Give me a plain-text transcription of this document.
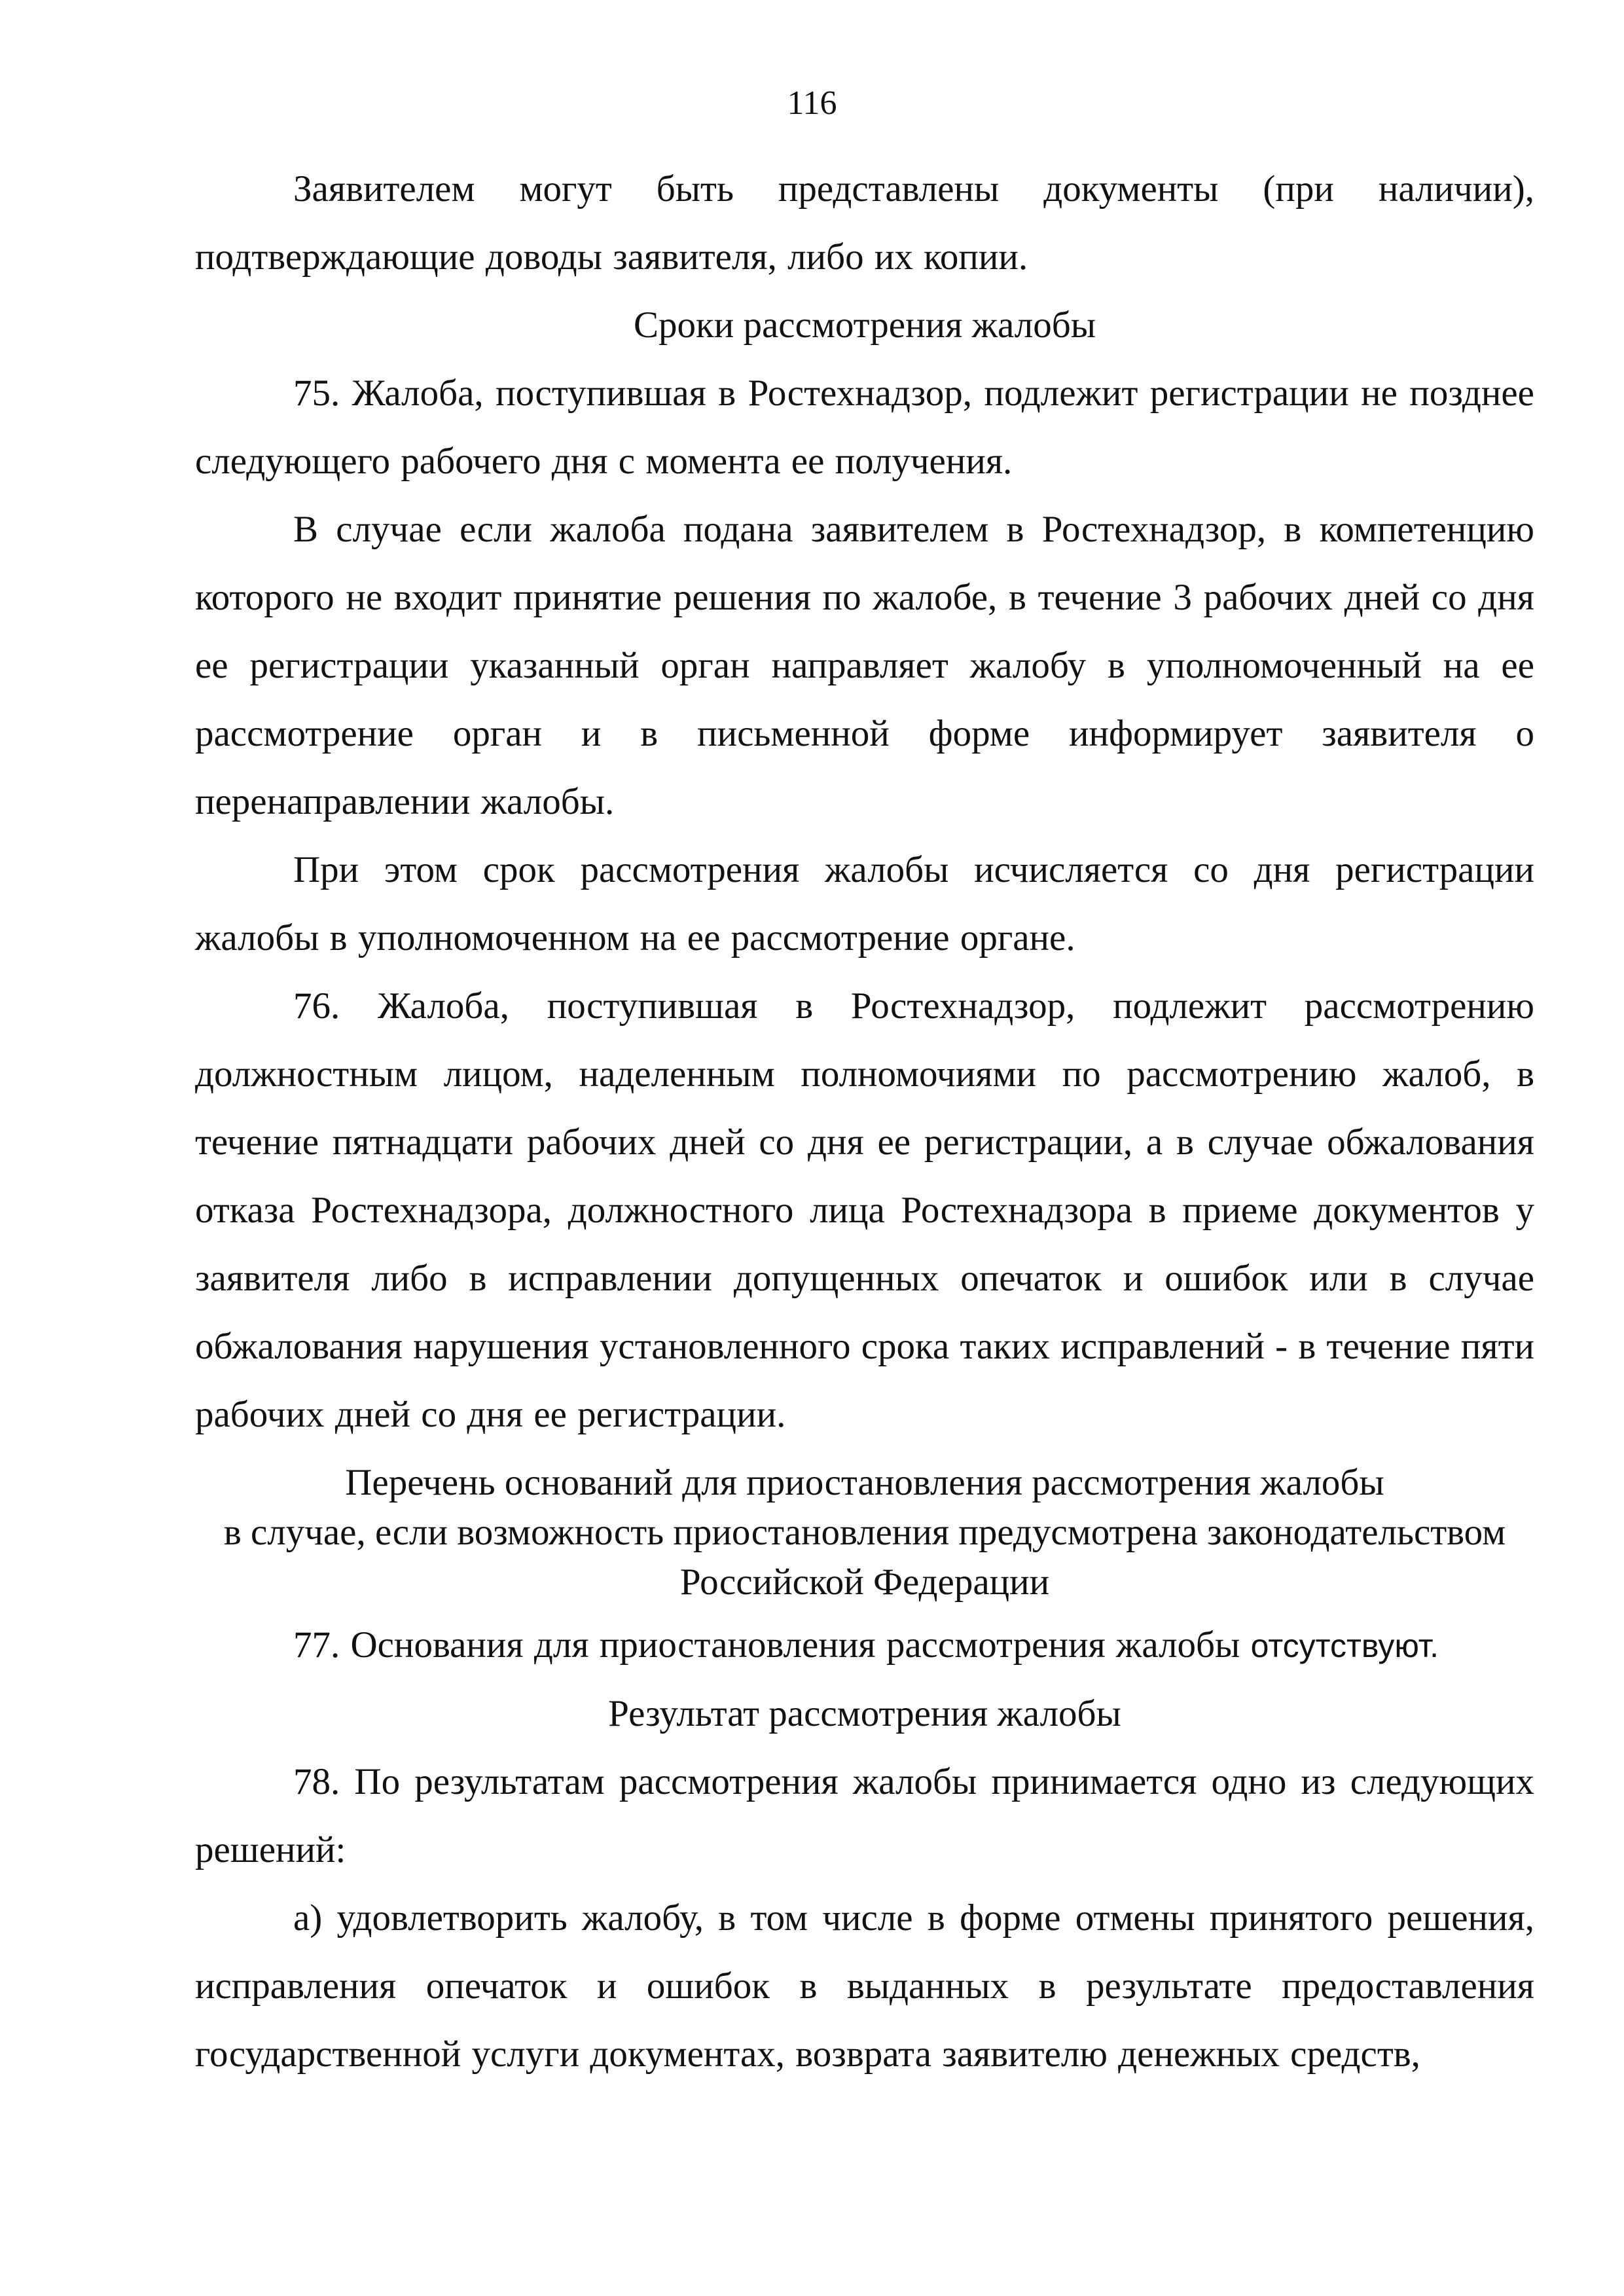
116

Заявителем могут быть представлены документы (при наличии), подтверждающие доводы заявителя, либо их копии.

Сроки рассмотрения жалобы

75. Жалоба, поступившая в Ростехнадзор, подлежит регистрации не позднее следующего рабочего дня с момента ее получения.

В случае если жалоба подана заявителем в Ростехнадзор, в компетенцию которого не входит принятие решения по жалобе, в течение 3 рабочих дней со дня ее регистрации указанный орган направляет жалобу в уполномоченный на ее рассмотрение орган и в письменной форме информирует заявителя о перенаправлении жалобы.

При этом срок рассмотрения жалобы исчисляется со дня регистрации жалобы в уполномоченном на ее рассмотрение органе.

76. Жалоба, поступившая в Ростехнадзор, подлежит рассмотрению должностным лицом, наделенным полномочиями по рассмотрению жалоб, в течение пятнадцати рабочих дней со дня ее регистрации, а в случае обжалования отказа Ростехнадзора, должностного лица Ростехнадзора в приеме документов у заявителя либо в исправлении допущенных опечаток и ошибок или в случае обжалования нарушения установленного срока таких исправлений - в течение пяти рабочих дней со дня ее регистрации.

Перечень оснований для приостановления рассмотрения жалобы
в случае, если возможность приостановления предусмотрена законодательством
Российской Федерации

77. Основания для приостановления рассмотрения жалобы отсутствуют.

Результат рассмотрения жалобы

78. По результатам рассмотрения жалобы принимается одно из следующих решений:

а) удовлетворить жалобу, в том числе в форме отмены принятого решения, исправления опечаток и ошибок в выданных в результате предоставления государственной услуги документах, возврата заявителю денежных средств,
